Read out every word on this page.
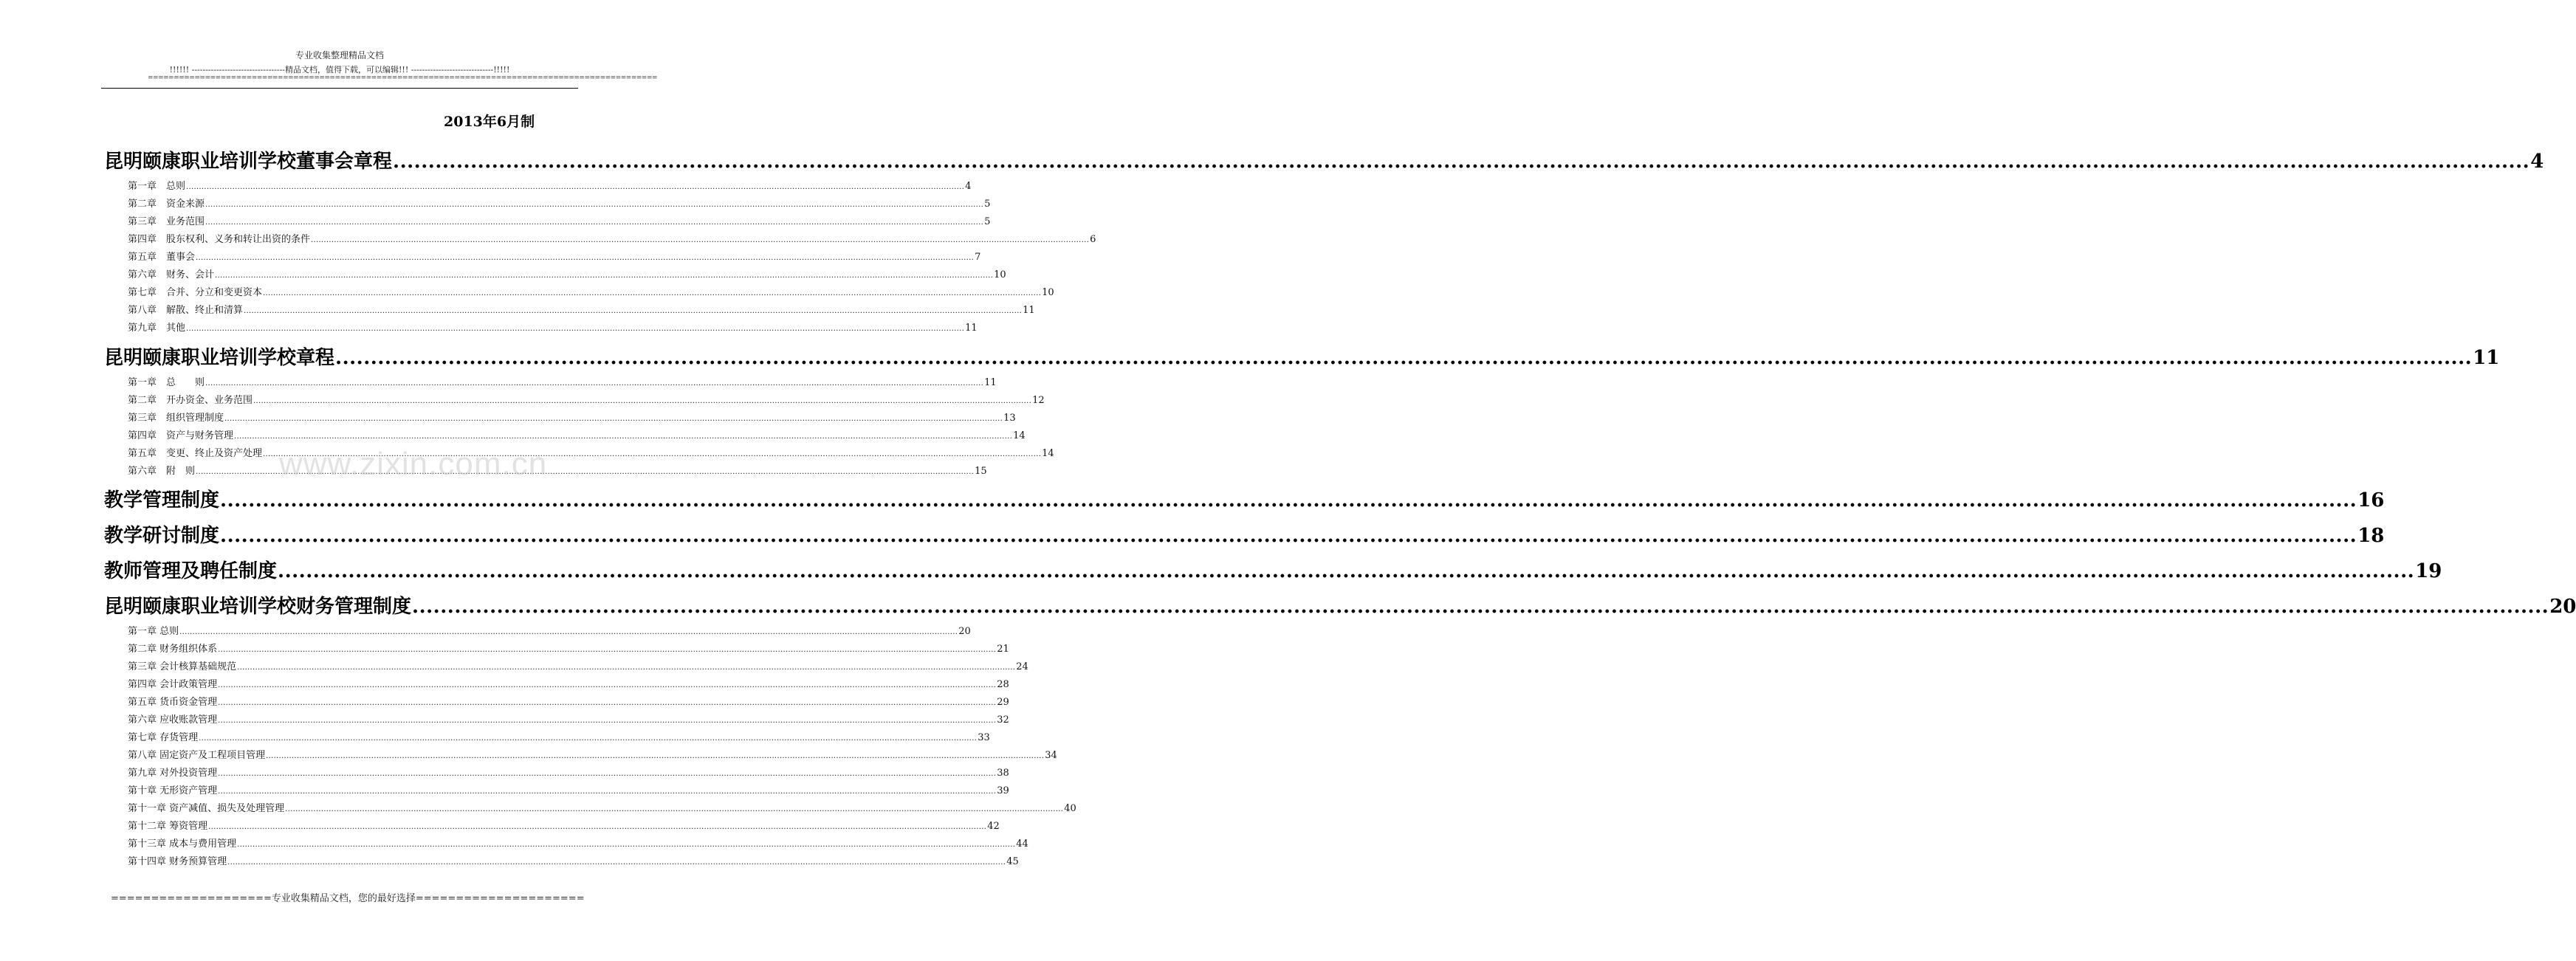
专业收集整理精品文档
!!!!!! ----------------------------------精品文档，值得下载，可以编辑!!! ------------------------------!!!!!
==================================================================================================
2013年6月制
昆明颐康职业培训学校董事会章程 .....	4
第一章　总则 .....	4
第二章　资金来源 .....	5
第三章　业务范围 .....	5
第四章　股东权利、义务和转让出资的条件 .....	6
第五章　董事会 .....	7
第六章　财务、会计 .....	10
第七章　合并、分立和变更资本 .....	10
第八章　解散、终止和清算 .....	11
第九章　其他 .....	11
昆明颐康职业培训学校章程 .....	11
第一章　总　　则 .....	11
第二章　开办资金、业务范围 .....	12
第三章　组织管理制度 .....	13
第四章　资产与财务管理 .....	14
第五章　变更、终止及资产处理 .....	14
第六章　附　则 .....	15
教学管理制度 .....	16
教学研讨制度 .....	18
教师管理及聘任制度 .....	19
昆明颐康职业培训学校财务管理制度 .....	20
第一章 总则 .....	20
第二章 财务组织体系 .....	21
第三章 会计核算基础规范 .....	24
第四章 会计政策管理 .....	28
第五章 货币资金管理 .....	29
第六章 应收账款管理 .....	32
第七章 存货管理 .....	33
第八章 固定资产及工程项目管理 .....	34
第九章 对外投资管理 .....	38
第十章 无形资产管理 .....	39
第十一章 资产减值、损失及处理管理 .....	40
第十二章 筹资管理 .....	42
第十三章 成本与费用管理 .....	44
第十四章 财务预算管理 .....	45
www.zixin.com.cn
====================专业收集精品文档，您的最好选择=====================
